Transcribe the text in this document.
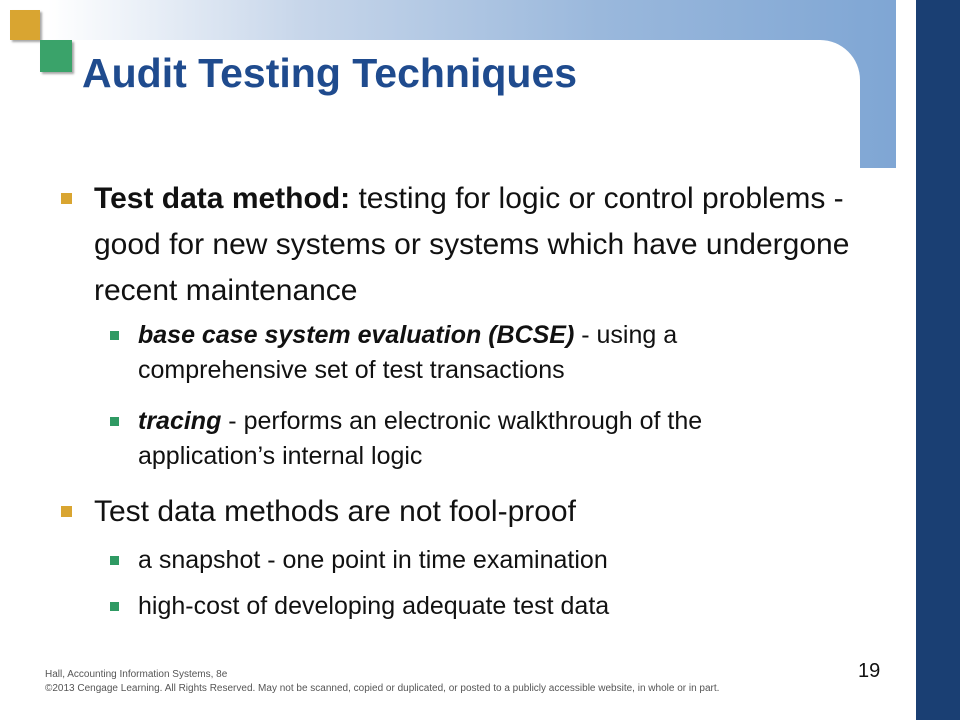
Audit Testing Techniques
Test data method: testing for logic or control problems - good for new systems or systems which have undergone recent maintenance
base case system evaluation (BCSE) - using a comprehensive set of test transactions
tracing - performs an electronic walkthrough of the application’s internal logic
Test data methods are not fool-proof
a snapshot - one point in time examination
high-cost of developing adequate test data
Hall, Accounting Information Systems, 8e
©2013 Cengage Learning. All Rights Reserved. May not be scanned, copied or duplicated, or posted to a publicly accessible website, in whole or in part.
19
